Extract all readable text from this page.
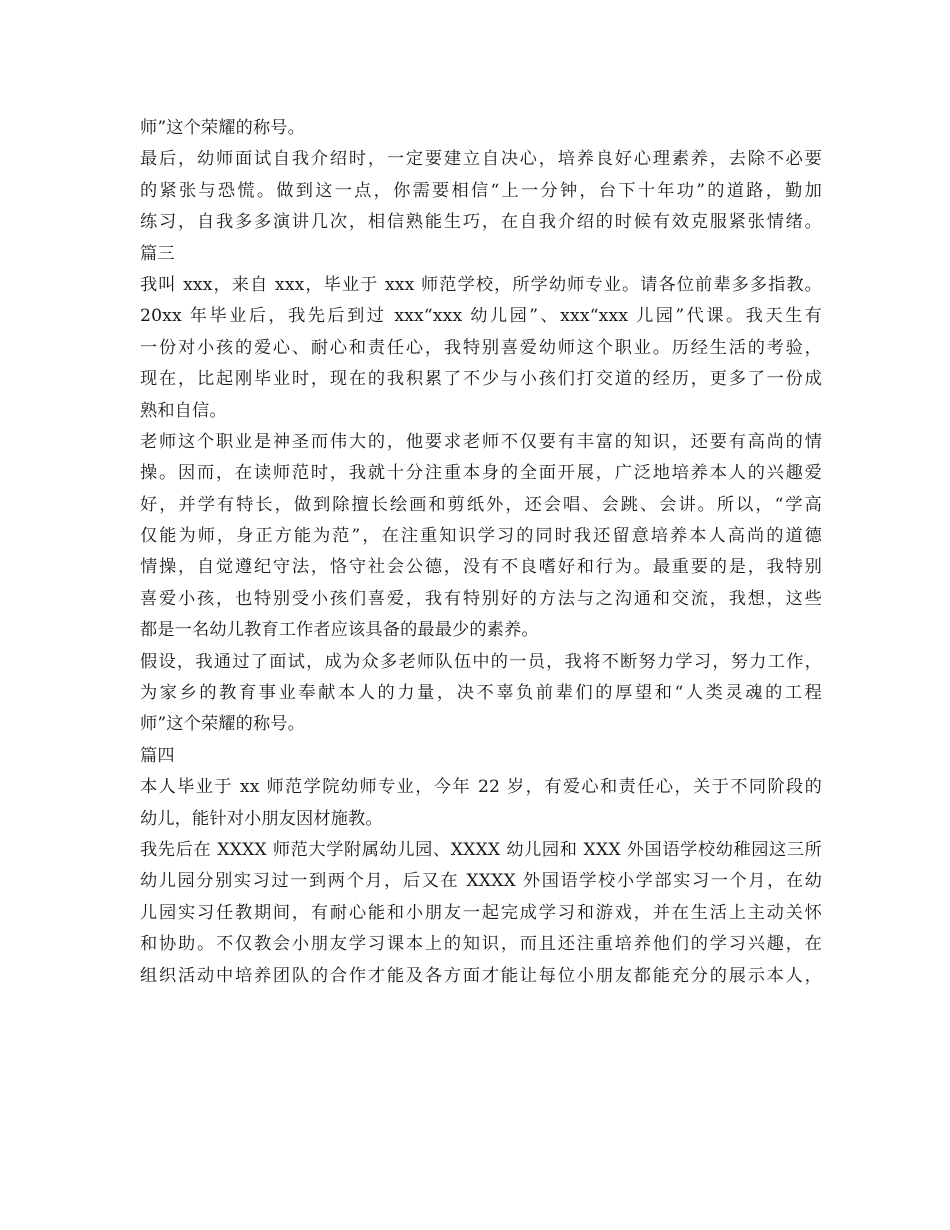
师”这个荣耀的称号。
最后，幼师面试自我介绍时，一定要建立自决心，培养良好心理素养，去除不必要
的紧张与恐慌。做到这一点，你需要相信“上一分钟，台下十年功”的道路，勤加
练习，自我多多演讲几次，相信熟能生巧，在自我介绍的时候有效克服紧张情绪。
篇三
我叫 xxx，来自 xxx，毕业于 xxx 师范学校，所学幼师专业。请各位前辈多多指教。
20xx 年毕业后，我先后到过 xxx“xxx 幼儿园”、xxx“xxx 儿园”代课。我天生有
一份对小孩的爱心、耐心和责任心，我特别喜爱幼师这个职业。历经生活的考验，
现在，比起刚毕业时，现在的我积累了不少与小孩们打交道的经历，更多了一份成
熟和自信。
老师这个职业是神圣而伟大的，他要求老师不仅要有丰富的知识，还要有高尚的情
操。因而，在读师范时，我就十分注重本身的全面开展，广泛地培养本人的兴趣爱
好，并学有特长，做到除擅长绘画和剪纸外，还会唱、会跳、会讲。所以，“学高
仅能为师，身正方能为范”，在注重知识学习的同时我还留意培养本人高尚的道德
情操，自觉遵纪守法，恪守社会公德，没有不良嗜好和行为。最重要的是，我特别
喜爱小孩，也特别受小孩们喜爱，我有特别好的方法与之沟通和交流，我想，这些
都是一名幼儿教育工作者应该具备的最最少的素养。
假设，我通过了面试，成为众多老师队伍中的一员，我将不断努力学习，努力工作，
为家乡的教育事业奉献本人的力量，决不辜负前辈们的厚望和“人类灵魂的工程
师”这个荣耀的称号。
篇四
本人毕业于 xx 师范学院幼师专业，今年 22 岁，有爱心和责任心，关于不同阶段的
幼儿，能针对小朋友因材施教。
我先后在 XXXX 师范大学附属幼儿园、XXXX 幼儿园和 XXX 外国语学校幼稚园这三所
幼儿园分别实习过一到两个月，后又在 XXXX 外国语学校小学部实习一个月，在幼
儿园实习任教期间，有耐心能和小朋友一起完成学习和游戏，并在生活上主动关怀
和协助。不仅教会小朋友学习课本上的知识，而且还注重培养他们的学习兴趣，在
组织活动中培养团队的合作才能及各方面才能让每位小朋友都能充分的展示本人，
